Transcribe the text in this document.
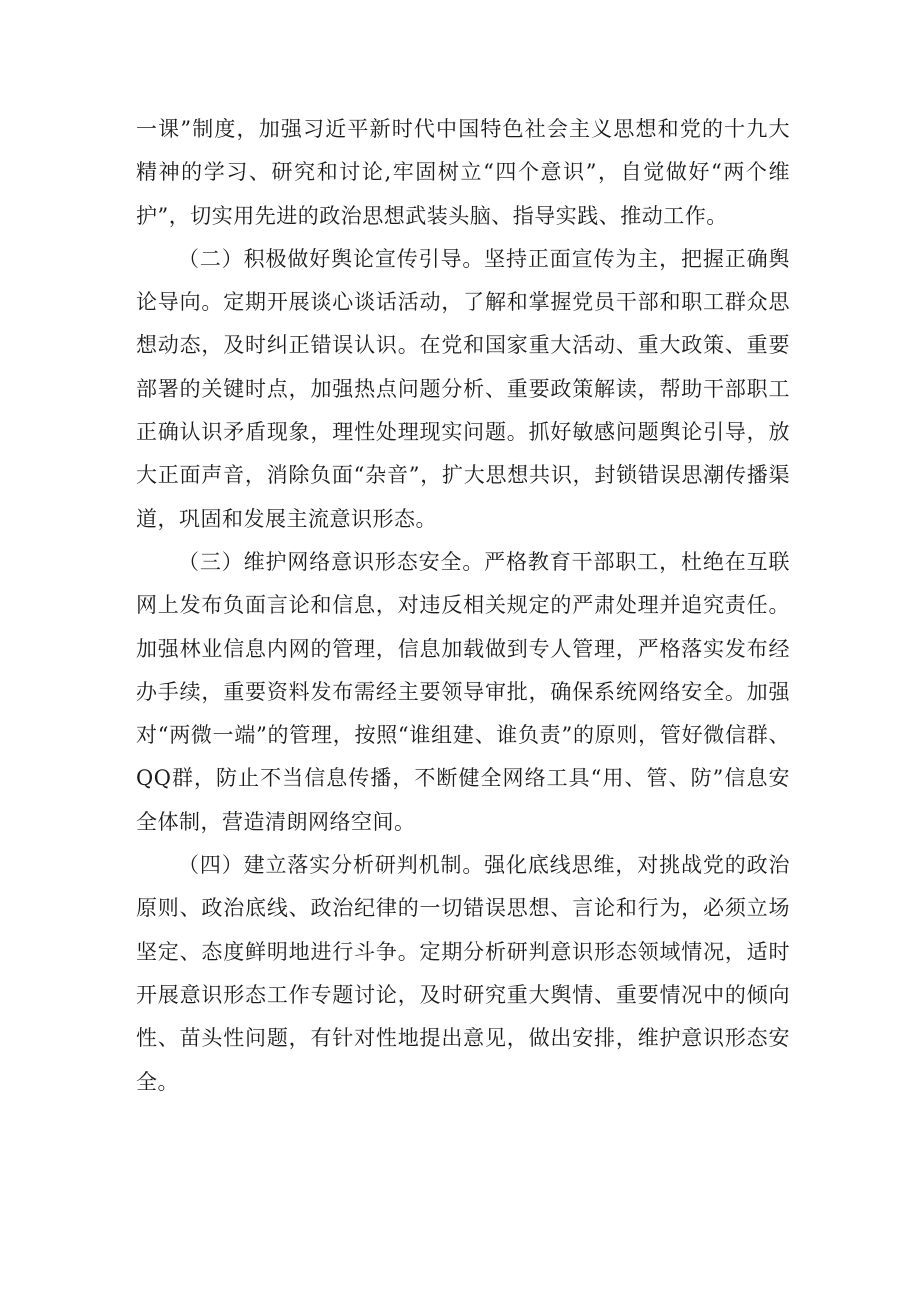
一课”制度，加强习近平新时代中国特色社会主义思想和党的十九大精神的学习、研究和讨论,牢固树立“四个意识”，自觉做好“两个维护”，切实用先进的政治思想武装头脑、指导实践、推动工作。

（二）积极做好舆论宣传引导。坚持正面宣传为主，把握正确舆论导向。定期开展谈心谈话活动，了解和掌握党员干部和职工群众思想动态，及时纠正错误认识。在党和国家重大活动、重大政策、重要部署的关键时点，加强热点问题分析、重要政策解读，帮助干部职工正确认识矛盾现象，理性处理现实问题。抓好敏感问题舆论引导，放大正面声音，消除负面“杂音”，扩大思想共识，封锁错误思潮传播渠道，巩固和发展主流意识形态。

（三）维护网络意识形态安全。严格教育干部职工，杜绝在互联网上发布负面言论和信息，对违反相关规定的严肃处理并追究责任。加强林业信息内网的管理，信息加载做到专人管理，严格落实发布经办手续，重要资料发布需经主要领导审批，确保系统网络安全。加强对“两微一端”的管理，按照“谁组建、谁负责”的原则，管好微信群、QQ群，防止不当信息传播，不断健全网络工具“用、管、防”信息安全体制，营造清朗网络空间。

（四）建立落实分析研判机制。强化底线思维，对挑战党的政治原则、政治底线、政治纪律的一切错误思想、言论和行为，必须立场坚定、态度鲜明地进行斗争。定期分析研判意识形态领域情况，适时开展意识形态工作专题讨论，及时研究重大舆情、重要情况中的倾向性、苗头性问题，有针对性地提出意见，做出安排，维护意识形态安全。
